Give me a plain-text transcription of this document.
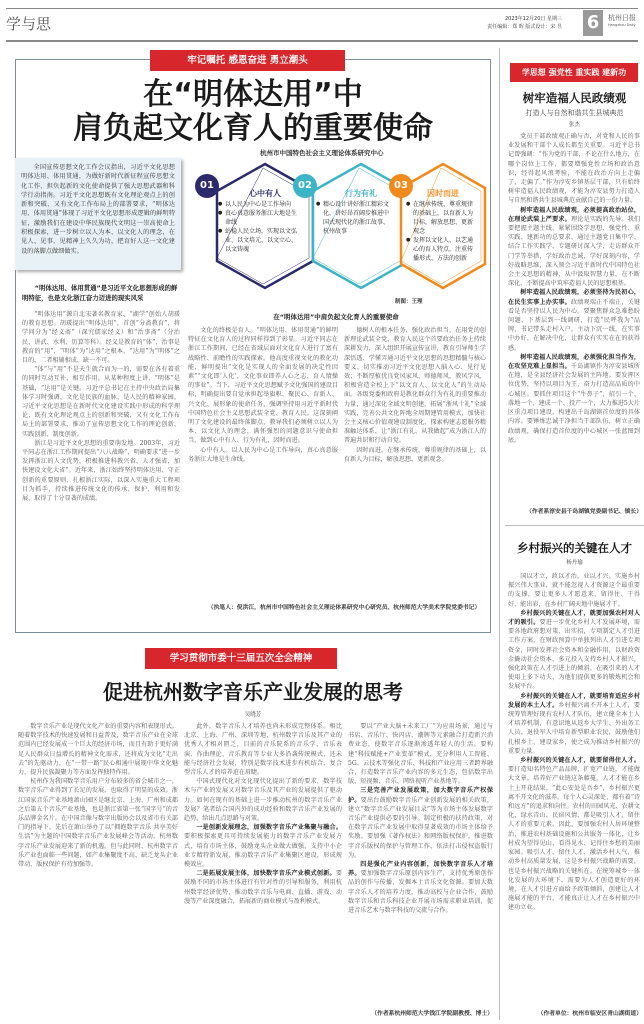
学与思	2023年12月20日 星期三
责任编辑：郑 晖 版式设计：宋 昱 6	杭州日报
Hangzhou Daily
牢记嘱托 感恩奋进 勇立潮头
在“明体达用”中
肩负起文化育人的重要使命
杭州市中国特色社会主义理论体系研究中心
全国宣传思想文化工作会议指出，习近平文化思想明体达用、体用贯通，为做好新时代新征程宣传思想文化工作、担负起新的文化使命提供了强大思想武器和科学行动指南。习近平文化思想既有文化理论观点上的创新和突破，又有文化工作布局上的部署要求，“明体达用、体用贯通”体现了习近平文化思想形成逻辑的鲜明特征，激励我们在建设中华民族现代文明这一崇高使命上积极探索，进一步树立以人为本、以文化人的理念，在见人、见事、见精神上久久为功，把育好人这一文化建设的落脚点做细做实。
01	02	03
心中有人
● 以人民为中心是工作导向
● 真心真意服务浙江大地是生命线
● 站稳人民立场，实现以文弘业、以文培元、以文立心、以文铸魂
行为有礼
● 精心设计讲好浙江精彩文化，讲好昂首阔步推进中国式现代化的浙江故事、杭州故事
因时而进
● 在继承传统、尊重规律的基础上，以育新人为目标，解放思想、更新观念
● 发挥以文化人、以艺通心的育人特点，注重传播形式、方法的创新
制图：王理
在“明体达用”中肩负起文化育人的重要使命
“明体达用、体用贯通”是习近平文化思想形成的鲜明特征，也是文化浙江奋力迈进的现实风采

“明体达用”源自北宋著名教育家、“湖学”创始人胡瑗的教育思想。胡瑗提出“明体达用”，首创“分斋教育”，将学问分为“经义斋”（深究儒家经义）和“治事斋”（分治民、讲武、水利、历算等科）。经义是教育的“体”，治事是教育的“用”，“明体”为“达用”之根本，“达用”为“明体”之目的，二者相辅相成、缺一不可。

“体”与“用”不是天生就合而为一的，需要在各有着重的同时互动互补、相互作用。从某种程度上讲，“明体”是基础，“达用”是关键。习近平总书记在主持中央政治局集体学习时强调，文化是民族的血脉，是人民的精神家园。习近平文化思想是在新时代文化建设实践中形成的科学理论，既有文化理论观点上的创新和突破，又有文化工作布局上的部署要求，推动了宣传思想文化工作的理论创新、实践创新、制度创新。

浙江是习近平文化思想的重要萌发地。2003年，习近平同志在浙江工作期间提出“八八战略”，明确要求“进一步发挥浙江的人文优势，积极推进科教兴省、人才强省，加快建设文化大省”。近年来，浙江始终坚持明体达用、守正创新的重要原则，扎根浙江实际，以深入实施重大工程项目为抓手，持续推进传统文化的传承、保护、利用和发展，取得了十分显著的成绩。

文化的终极是育人。“明体达用、体用贯通”的鲜明特征在文化育人的过程同样得到了彰显。习近平同志在浙江工作期间，已经在省域层面对文化育人进行了富有战略性、前瞻性的实践探索。他高度重视文化的教化功能，鲜明提出“文化是实现人的全面发展的决定性因素”“文化即‘人化’，文化事业即养人心之志、育人情操的事业”。当下，习近平文化思想赋予文化强国的建设目标，明确提出要自觉承担起举旗帜、聚民心、育新人、兴文化、展形象的使命任务，强调坚持用习近平新时代中国特色社会主义思想武装全党、教育人民。这深刻阐明了文化建设的最终落脚点，教导我们必须树立以人为本、以文化人的理念，满怀强烈的问题意识与使命担当，做到心中有人、行为有礼、因时而进。

心中有人。以人民为中心是工作导向，真心真意服务浙江大地是生命线。

德树人的根本任务，强化政治担当，在用党的创新理论武装全党、教育人民这个首要政治任务上持续深耕发力，深入组织开展宣传宣讲，教育引导师生学深悟透、学懂弄通习近平文化思想的思想精髓与核心要义，切实推动习近平文化思想入脑入心、见行见效；不断厚植优良党风家风、师德师风、教风学风，积极营造全校上下“以文育人、以文化人”的生动局面。各级党委和政府是教化群众行为有礼的重要推动力量，通过深化全域文明创建，拓展“浙风十礼”全域实践，完善公共文化阵地全周期建管用模式，加快社会主义核心价值观建设制度化，探索构建志愿服务精准触达体系，让“浙江有礼、从我做起”成为浙江人的普遍共识和行动自觉。

因时而进。在继承传统、尊重规律的基础上，以育新人为目标，解放思想、更新观念。

（执笔人：倪洪江，杭州市中国特色社会主义理论体系研究中心研究员、杭州师范大学美术学院党委书记）
学思想 强党性 重实践 建新功
树牢造福人民政绩观
打造人与自然和谐共生县城典范
张杰

党员干部政绩观正确与否，对党和人民的事业发展和干部个人成长都至关重要。习近平总书记曾强调：“作为党的干部，不论在什么地方，在哪个岗位上工作，都要增强党性立场和政治意识，经得起风浪考验，不能在政治方向上走偏了，走偏了。”作为淳安乡镇基层干部，只有始终树牢造福人民政绩观，才能为淳安县努力打造人与自然和谐共生县城典范贡献自己的一份力量。

树牢造福人民政绩观，必须提高政治站位，在理论武装上严要求。理论是实践的先导。我们要把握主题主线，紧紧围绕学思想、强党性、重实践、建新功的总要求，通过主题党日集中学、结合工作实践学、专题研讨深入学、走访群众开门学等举措，学好政治忠诚，学好深刻内容，学好战略思维，深入领会习近平新时代中国特色社会主义思想的精神，从中汲取智慧力量，在不断深化、不断提高中筑牢造福人民的思想根基。

树牢造福人民政绩观，必须坚持为民初心，在民生实事上办实事。政绩观端正不端正，关键看是否坚持以人民为中心。要聚焦群众急难愁盼问题，下基层到一线调研，打造“民呼我为”品牌，书记带头走村入户，主动下沉一线，在实事中办好，在解决中化，让群众有实实在在的获得感。

树牢造福人民政绩观，必须强化担当作为，在攻坚克难上显担当。千岛湖镇作为淳安县城所在地，是全县经济社会发展的主阵地。要发挥区位优势，坚持以项目为王，奋力打造高品质的中心城区。要抓住项目这个“牛鼻子”，招引一个、落地一个、建成一个、投产一个，大力推进5大片区重点项目建设，构建出千岛湖镇首位度的具体内容。要锤炼忠诚干净担当干部队伍，树立正确政绩观，确保打造首位度的中心城区一张蓝图到底。

（作者系淳安县千岛湖镇党委副书记、镇长）
乡村振兴的关键在人才
杨丹瑜

国以才立，政以才治，业以才兴。实施乡村振兴伟大事业，就不能忽视人才资源这个最重要的支撑，要让更多人才愿意来、留得住、干得好、能出彩，在乡村广阔天地中施展才干。

乡村振兴的关键在人才，就要加强农村对人才的吸引。要进一步优化乡村人才发展环境，需要各地政府想对策、出实招，专项制定人才引进工作方案，在财政预算中单独列出人才引进专项资金，同时发挥社会资本和金融作用，以财政资金撬动社会资本，多元投入支持乡村人才振兴，强化政策在人才引进上的倾斜，在吸引来的人才使用上多下功夫，为他们提供更多的锻炼机会和发展平台。

乡村振兴的关键在人才，就要培育适应乡村发展的本土人才。乡村振兴离不开本土人才，要统筹管理好现有农村人才队伍，建立健全本土人才培养机制，有意识地从返乡大学生、外出务工人员、退役军人中培育新型职业农民，鼓励他们扎根乡土、建设家乡，使之成为推动乡村振兴的重要力量。

乡村振兴的关键在人才，就要留得住人才。要打造知名特色产品品牌，扩宽产业链，才能做大文章。培养好产业链这条藤蔓，人才才能在乡土上开花结果。“此心安处是吾乡”，乡村振兴更离不开文化的滋养。每个人心灵深处，都有着“诗和远方”的追求和向往。农村的田园风光、农耕文化、绿水青山、民宿风情，都是吸引人才、留住人才的重要元素。因此，要加强农村人居环境整治，推进农村基础设施和公共服务一体化，让乡村成为望得见山、看得见水、记得住乡愁的美丽家园。吸引人才、留住人才、激活乡村人气，推动乡村高质量发展，这是乡村振兴战略的需要，也是乡村振兴战略的关键所在。在统筹城乡一体化发展的大环境下，需要为人才创造更好的环境，在人才引进方面给予政策倾斜，创建让人才施展才能的平台，才能真正让人才在乡村振兴中建功立业。

（作者单位：杭州市临安区青山湖街道）
学习贯彻市委十三届五次全会精神
促进杭州数字音乐产业发展的思考
吴晓芳

数字音乐产业是现代文化产业的重要内容和表现形式。随着数字技术的快速发展和日益普及，数字音乐产业在全球范围内已经发展成一个巨大的经济市场，而且有助于更好满足人民群众日益增长的精神文化需求，还将成为文化“走出去”的先驱动力，在“一带一路”民心相通中展现中华文化魅力，提升民族凝聚力等方面发挥独特作用。

杭州作为我国数字音乐用户分布较多的省会城市之一，数字音乐产业得到了长足的发展，也取得了明显的成效。浙江国家音乐产业基地萧山园区是继北京、上海、广州和成都之后第五个音乐产业基地，也是浙江省第一张“国字号”的音乐品牌金名片。在中国音像与数字出版协会以及省市有关部门的指导下，先后在萧山举办了以“拥抱数字音乐 共享美好生活”为主题的中国数字音乐产业发展峰会等活动，杭州数字音乐产业发展迎来了新的机遇。但与此同时，杭州数字音乐产业也面临一些问题，如产业集聚度不高、缺乏龙头企业带动、版权保护有待加强等。

此外，数字音乐人才培养也尚未形成完整体系。相比北京、上海、广州、深圳等地，杭州数字音乐及其产业的优秀人才相对匮乏，目前的音乐院系的音乐学、音乐表演、作曲理论、音乐教育等专业大多沿袭传统模式，还未能与经济社会发展，特别是数字技术进步有机结合，复合型音乐人才的培养迫在眉睫。

中国式现代化对文化现代化提出了新的要求，数字技术与产业的发展又对数字音乐及其产业的发展提供了驱动力。如何在现有的基础上进一步推动杭州的数字音乐产业发展？笔者结合国内外的成功经验和数字音乐产业发展的趋势，给出几点思路与对策。

一是创新发展理念，加强数字音乐产业集聚与融合。要积极探索更具可持续发展能力的数字音乐产业发展方式，培育市场主体，鼓励龙头企业做大做强，支持中小企业专精特新发展，推动数字音乐产业集聚区建设，形成规模效应。

二是拓展发展主体，加快数字音乐产业模式创新。要鼓励不同的市场主体进行有针对性的引导和服务，利用杭州数字经济优势，推动数字音乐与电商、直播、游戏、动漫等产业深度融合，拓展新的商业模式与盈利模式。

要以“产业大脑+未来工厂”为应用场景，通过与书店、音乐厅、快闪店、潮牌等元素融合打造新兴消费业态，使数字音乐逐渐渗透年轻人的生活。要构建“科技赋能+产业变革”模式，充分利用人工智能、5G、云技术等强化音乐、科技和产业应用三者跨界融合，打造数字音乐产业内容的多元生态，包括数字出版、短视频、音乐、网络视听产业基地等。

三是完善产业发展政策，加大数字音乐产权保护。要出台鼓励数字音乐产业创新发展的相关政策，建立“数字音乐产业发展目录”等为市场主体发展数字音乐产业提供必要的引导。制定积极的扶持政策，对在数字音乐产业发展中取得显著成效的市场主体给予奖励。要加强《著作权法》和网络版权保护，推进数字音乐版权的保护与管理工作，依法打击侵权盗版行为。

四是强化产业内容创新，加快数字音乐人才培养。要加强数字音乐原创内容生产，支持优秀原创作品的创作与传播，发掘本土音乐文化资源。要加大数字音乐人才的培养力度，推动高校与企业合作，鼓励数字音乐和音乐科技企业开展市场需求职业培训，促进音乐艺术与数字科技的交流与合作。

（作者系杭州师范大学钱江学院副教授、博士）
